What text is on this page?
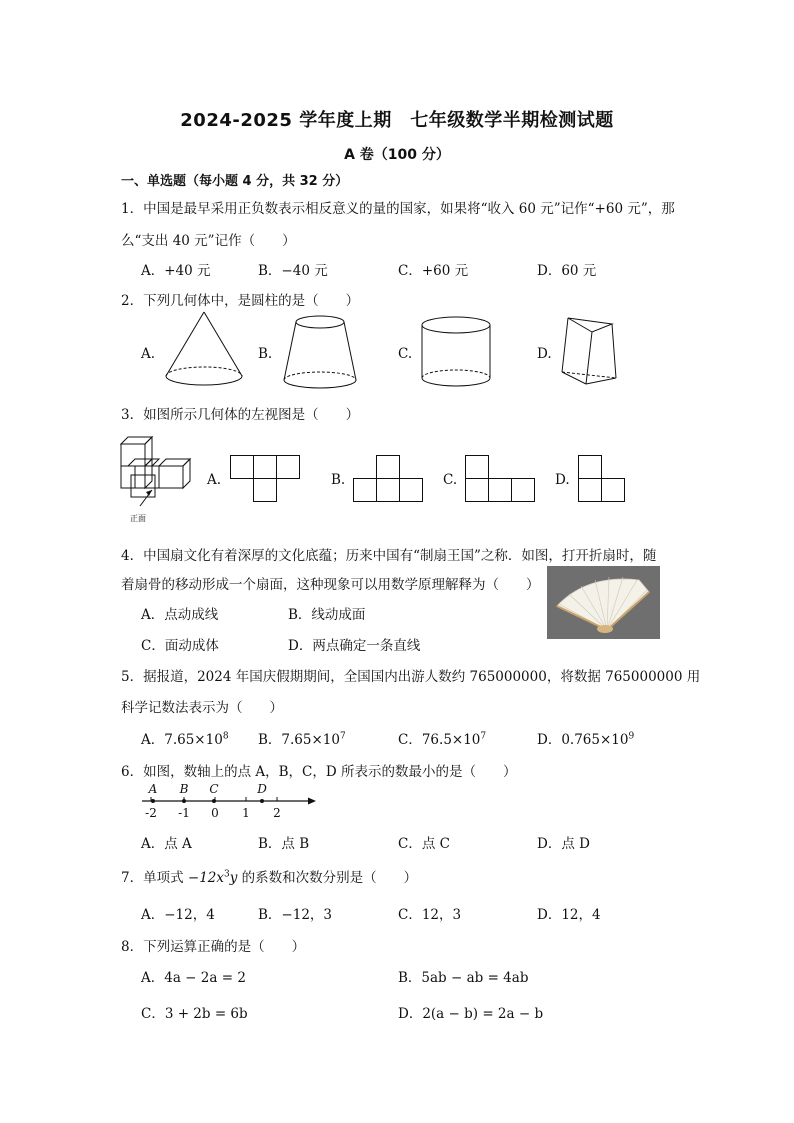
2024-2025 学年度上期　七年级数学半期检测试题
A 卷（100 分）
一、单选题（每小题 4 分，共 32 分）
1．中国是最早采用正负数表示相反意义的量的国家，如果将“收入 60 元”记作“+60 元”，那
么“支出 40 元”记作（　　）
A．+40 元	B．−40 元	C．+60 元	D．60 元
2．下列几何体中，是圆柱的是（　　）
A.	B.	C.	D.
3．如图所示几何体的左视图是（　　）
正面
A.	B.	C.	D.
4．中国扇文化有着深厚的文化底蕴；历来中国有“制扇王国”之称．如图，打开折扇时，随
着扇骨的移动形成一个扇面，这种现象可以用数学原理解释为（　　）
A．点动成线	B．线动成面
C．面动成体	D．两点确定一条直线
5．据报道，2024 年国庆假期期间，全国国内出游人数约 765000000，将数据 765000000 用
科学记数法表示为（　　）
A．$7.65\times 10^8$ B．$7.65\times 10^7$	C．$76.5\times 10^7$	D．$0.765\times 10^9$
6．如图，数轴上的点 A，B，C，D 所表示的数最小的是（　　）
A B C	D
-2 -1 0 1 2
A．点 A	B．点 B	C．点 C	D．点 D
7．单项式 $-12x^3y$ 的系数和次数分别是（　　）
A．−12，4	B．−12，3	C．12，3	D．12，4
8．下列运算正确的是（　　）
A．4a − 2a = 2	B．5ab − ab = 4ab
C．3 + 2b = 6b	D．2(a − b) = 2a − b
